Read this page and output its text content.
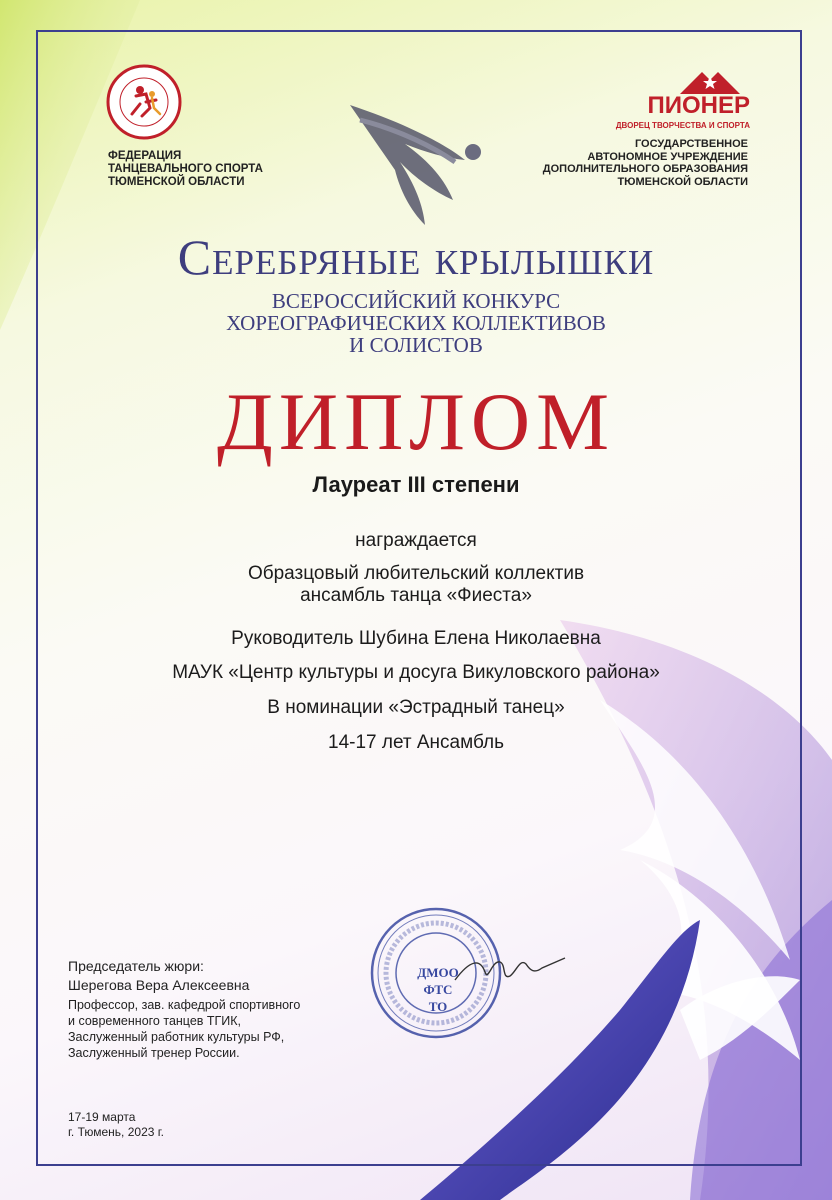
ФЕДЕРАЦИЯ
ТАНЦЕВАЛЬНОГО СПОРТА
ТЮМЕНСКОЙ ОБЛАСТИ
ПИОНЕР
ДВОРЕЦ ТВОРЧЕСТВА И СПОРТА
ГОСУДАРСТВЕННОЕ
АВТОНОМНОЕ УЧРЕЖДЕНИЕ
ДОПОЛНИТЕЛЬНОГО ОБРАЗОВАНИЯ
ТЮМЕНСКОЙ ОБЛАСТИ
Серебряные крылышки
ВСЕРОССИЙСКИЙ КОНКУРС
ХОРЕОГРАФИЧЕСКИХ КОЛЛЕКТИВОВ
И СОЛИСТОВ
ДИПЛОМ
Лауреат III степени
награждается
Образцовый любительский коллектив
ансамбль танца «Фиеста»
Руководитель Шубина Елена Николаевна
МАУК «Центр культуры и досуга Викуловского района»
В номинации «Эстрадный танец»
14-17 лет Ансамбль
Председатель жюри:
Шерегова Вера Алексеевна
Профессор, зав. кафедрой спортивного
и современного танцев ТГИК,
Заслуженный работник культуры РФ,
Заслуженный тренер России.
ДМОО
ФТС ТО
17-19 марта
г. Тюмень, 2023 г.
